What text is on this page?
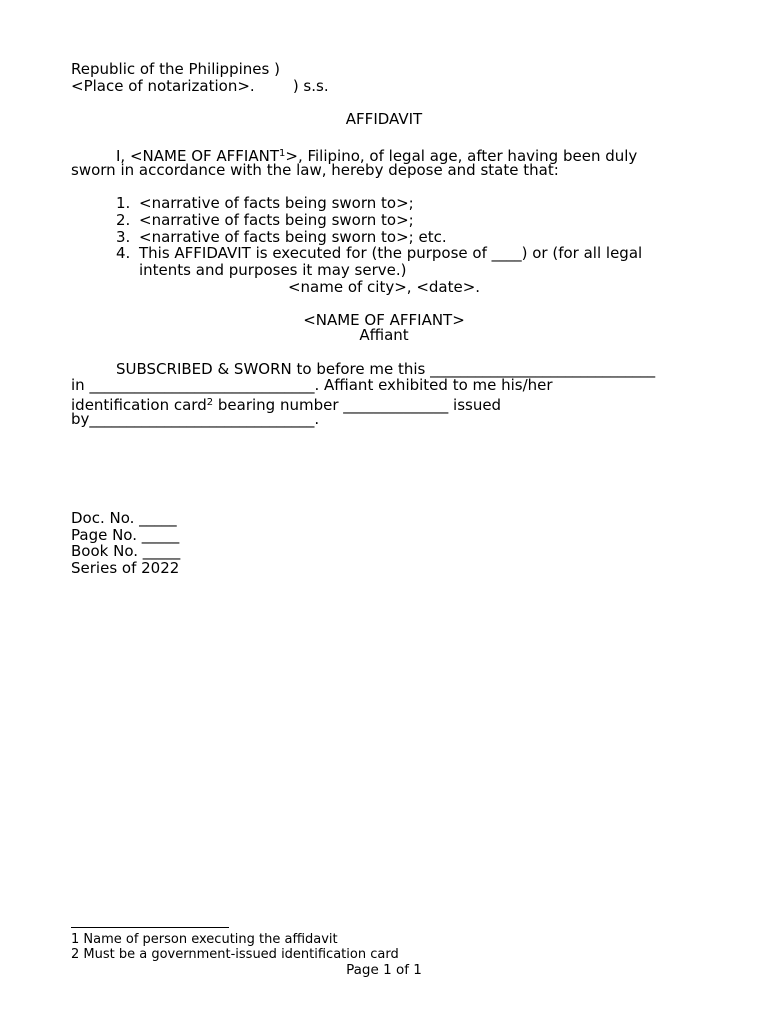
Republic of the Philippines )
<Place of notarization>.        ) s.s.
AFFIDAVIT
I, <NAME OF $AFFIANT^1>$, Filipino, of legal age, after having been duly
sworn in accordance with the law, hereby depose and state that:
1. <narrative of facts being sworn to>;
2. <narrative of facts being sworn to>;
3. <narrative of facts being sworn to>; etc.
4. This AFFIDAVIT is executed for (the purpose of ____) or (for all legal
intents and purposes it may serve.)
<name of city>, <date>.
<NAME OF AFFIANT>
Affiant
SUBSCRIBED & SWORN to before me this ______________________________
in ______________________________. Affiant exhibited to me his/her
identification card$^2$ bearing number ______________ issued
by______________________________.
Doc. No. _____
Page No. _____
Book No. _____
Series of 2022
1 Name of person executing the affidavit
2 Must be a government-issued identification card
Page 1 of 1
